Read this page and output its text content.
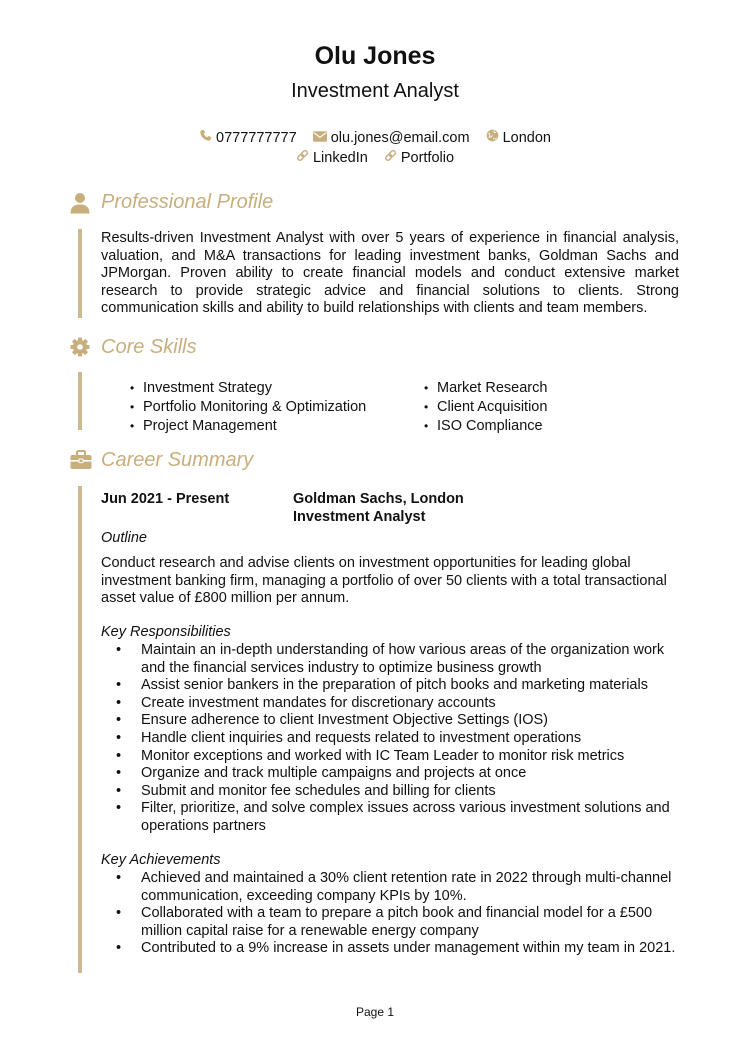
Olu Jones
Investment Analyst
0777777777
olu.jones@email.com
London
LinkedIn
Portfolio
Professional Profile
Results-driven Investment Analyst with over 5 years of experience in financial analysis, valuation, and M&A transactions for leading investment banks, Goldman Sachs and JPMorgan. Proven ability to create financial models and conduct extensive market research to provide strategic advice and financial solutions to clients. Strong communication skills and ability to build relationships with clients and team members.
Core Skills
• Investment Strategy
• Portfolio Monitoring & Optimization
• Project Management
• Market Research
• Client Acquisition
• ISO Compliance
Career Summary
Jun 2021 - Present	Goldman Sachs, London
Investment Analyst
Outline
Conduct research and advise clients on investment opportunities for leading global investment banking firm, managing a portfolio of over 50 clients with a total transactional asset value of £800 million per annum.
Key Responsibilities
• Maintain an in-depth understanding of how various areas of the organization work and the financial services industry to optimize business growth
• Assist senior bankers in the preparation of pitch books and marketing materials
• Create investment mandates for discretionary accounts
• Ensure adherence to client Investment Objective Settings (IOS)
• Handle client inquiries and requests related to investment operations
• Monitor exceptions and worked with IC Team Leader to monitor risk metrics
• Organize and track multiple campaigns and projects at once
• Submit and monitor fee schedules and billing for clients
• Filter, prioritize, and solve complex issues across various investment solutions and operations partners
Key Achievements
• Achieved and maintained a 30% client retention rate in 2022 through multi-channel communication, exceeding company KPIs by 10%.
• Collaborated with a team to prepare a pitch book and financial model for a £500 million capital raise for a renewable energy company
• Contributed to a 9% increase in assets under management within my team in 2021.
Page 1
